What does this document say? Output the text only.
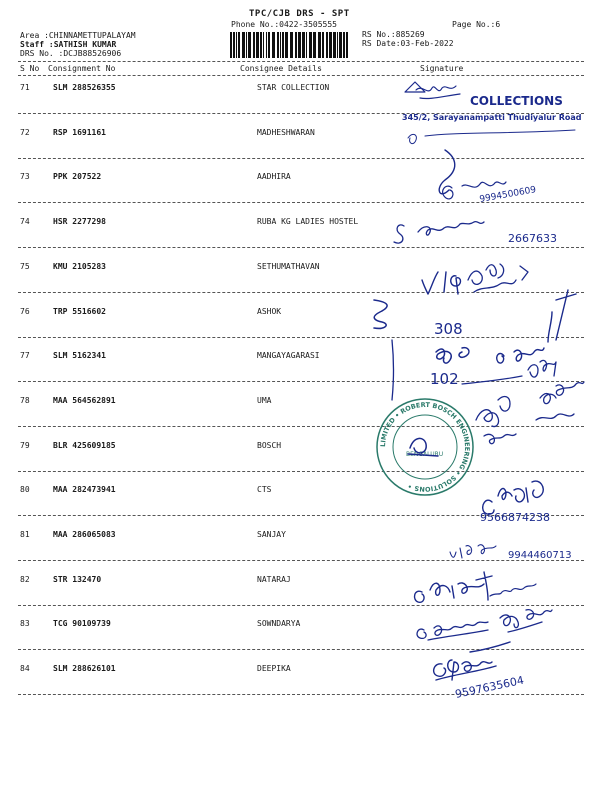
TPC/CJB DRS - SPT
Phone No.:0422-3505555	Page No.:6
Area :CHINNAMETTUPALAYAM
Staff :SATHISH KUMAR
DRS No. :DCJB88526906
RS No.:885269
RS Date:03-Feb-2022
S No Consignment No	Consignee Details	Signature
71	SLM 288526355	STAR COLLECTION
72	RSP 1691161	MADHESHWARAN
73	PPK 207522	AADHIRA
74	HSR 2277298	RUBA KG LADIES HOSTEL
75	KMU 2105283	SETHUMATHAVAN
76	TRP 5516602	ASHOK
77	SLM 5162341	MANGAYAGARASI
78	MAA 564562891	UMA
79	BLR 425609185	BOSCH
80	MAA 282473941	CTS
81	MAA 286065083	SANJAY
82	STR 132470	NATARAJ
83	TCG 90109739	SOWNDARYA
84	SLM 288626101	DEEPIKA
COLLECTIONS
345/2, Sarayanampatti Thudiyalur Road
9994500609
2667633
308
102
LIMITED • ROBERT BOSCH ENGINEERING • SOLUTIONS •
BENGALURU
9566874238
9944460713
9597635604
